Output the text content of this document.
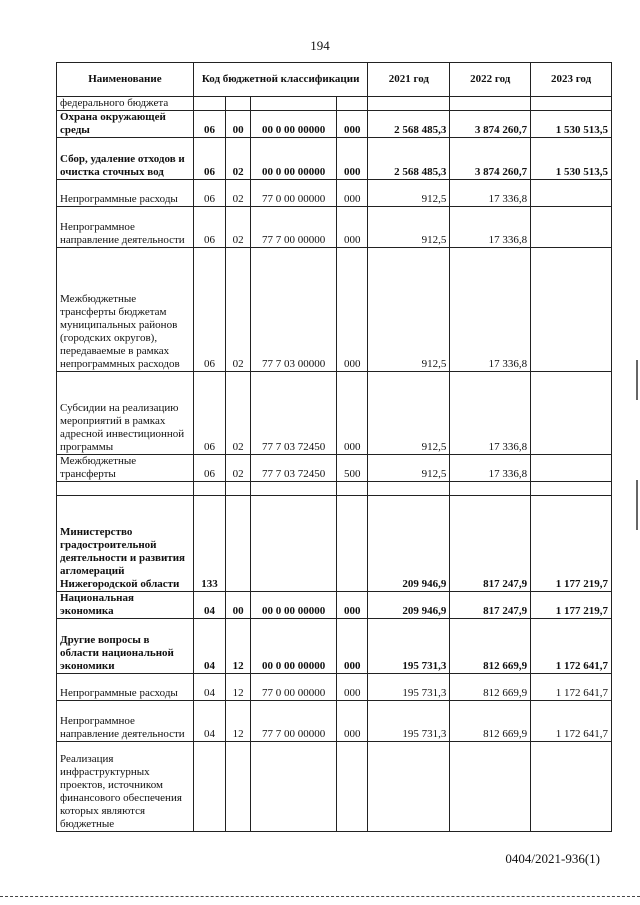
194
Наименование	Код бюджетной классификации				2021 год	2022 год	2023 год
федерального бюджета							
Охрана окружающей среды	06	00	00 0 00 00000	000	2 568 485,3	3 874 260,7	1 530 513,5
Сбор, удаление отходов и очистка сточных вод	06	02	00 0 00 00000	000	2 568 485,3	3 874 260,7	1 530 513,5
Непрограммные расходы	06	02	77 0 00 00000	000	912,5	17 336,8	
Непрограммное направление деятельности	06	02	77 7 00 00000	000	912,5	17 336,8	
Межбюджетные трансферты бюджетам муниципальных районов (городских округов), передаваемые в рамках непрограммных расходов	06	02	77 7 03 00000	000	912,5	17 336,8	
Субсидии на реализацию мероприятий в рамках адресной инвестиционной программы	06	02	77 7 03 72450	000	912,5	17 336,8	
Межбюджетные трансферты	06	02	77 7 03 72450	500	912,5	17 336,8	

Министерство градостроительной деятельности и развития агломераций Нижегородской области	133				209 946,9	817 247,9	1 177 219,7
Национальная экономика	04	00	00 0 00 00000	000	209 946,9	817 247,9	1 177 219,7
Другие вопросы в области национальной экономики	04	12	00 0 00 00000	000	195 731,3	812 669,9	1 172 641,7
Непрограммные расходы	04	12	77 0 00 00000	000	195 731,3	812 669,9	1 172 641,7
Непрограммное направление деятельности	04	12	77 7 00 00000	000	195 731,3	812 669,9	1 172 641,7
Реализация инфраструктурных проектов, источником финансового обеспечения которых являются бюджетные							
0404/2021-936(1)
